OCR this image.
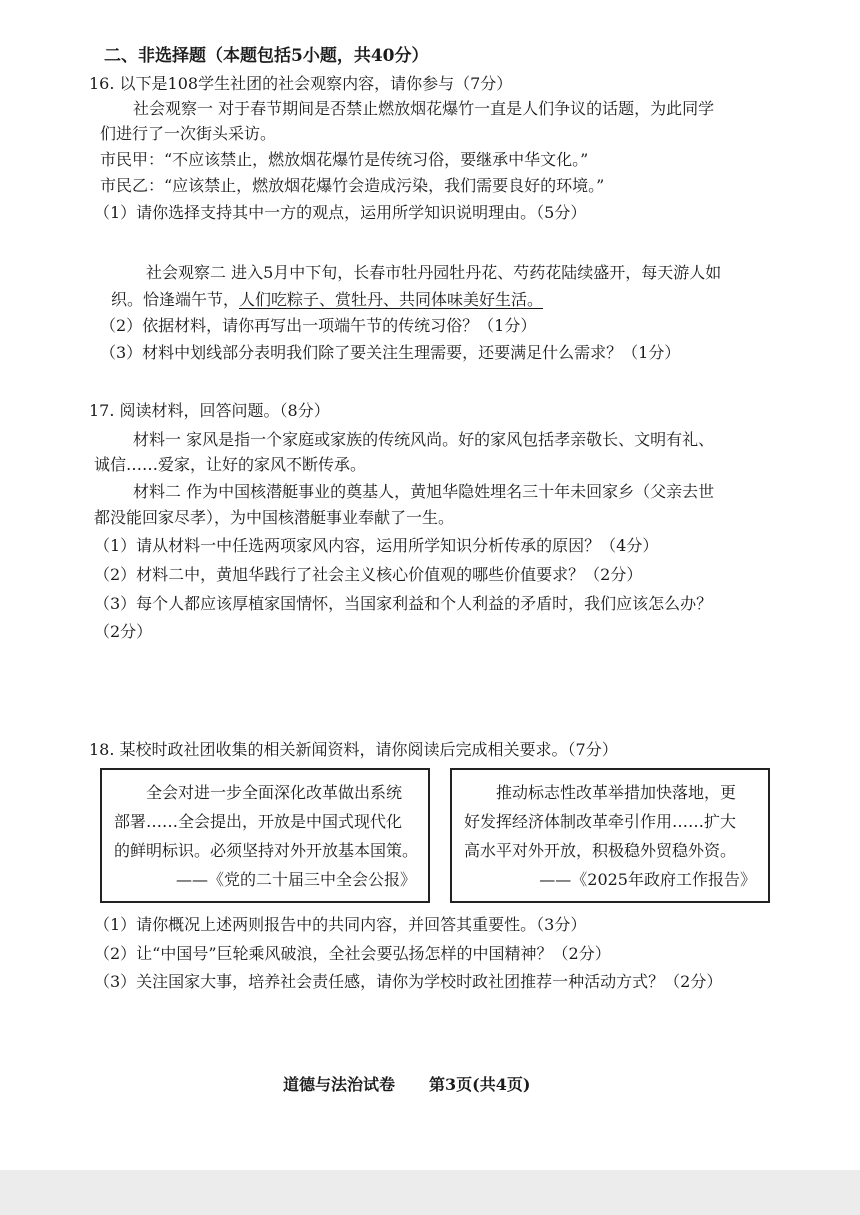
二、非选择题（本题包括5小题，共40分）
16. 以下是108学生社团的社会观察内容，请你参与（7分）
社会观察一 对于春节期间是否禁止燃放烟花爆竹一直是人们争议的话题，为此同学
们进行了一次街头采访。
市民甲：“不应该禁止，燃放烟花爆竹是传统习俗，要继承中华文化。”
市民乙：“应该禁止，燃放烟花爆竹会造成污染，我们需要良好的环境。”
（1）请你选择支持其中一方的观点，运用所学知识说明理由。（5分）
社会观察二 进入5月中下旬，长春市牡丹园牡丹花、芍药花陆续盛开，每天游人如
织。恰逢端午节，人们吃粽子、赏牡丹、共同体味美好生活。
（2）依据材料，请你再写出一项端午节的传统习俗？（1分）
（3）材料中划线部分表明我们除了要关注生理需要，还要满足什么需求？（1分）
17. 阅读材料，回答问题。（8分）
材料一 家风是指一个家庭或家族的传统风尚。好的家风包括孝亲敬长、文明有礼、
诚信……爱家，让好的家风不断传承。
材料二 作为中国核潜艇事业的奠基人，黄旭华隐姓埋名三十年未回家乡（父亲去世
都没能回家尽孝），为中国核潜艇事业奉献了一生。
（1）请从材料一中任选两项家风内容，运用所学知识分析传承的原因？（4分）
（2）材料二中，黄旭华践行了社会主义核心价值观的哪些价值要求？（2分）
（3）每个人都应该厚植家国情怀，当国家利益和个人利益的矛盾时，我们应该怎么办？
（2分）
18. 某校时政社团收集的相关新闻资料，请你阅读后完成相关要求。（7分）
全会对进一步全面深化改革做出系统
部署……全会提出，开放是中国式现代化
的鲜明标识。必须坚持对外开放基本国策。
——《党的二十届三中全会公报》
推动标志性改革举措加快落地，更
好发挥经济体制改革牵引作用……扩大
高水平对外开放，积极稳外贸稳外资。
——《2025年政府工作报告》
（1）请你概况上述两则报告中的共同内容，并回答其重要性。（3分）
（2）让“中国号”巨轮乘风破浪，全社会要弘扬怎样的中国精神？（2分）
（3）关注国家大事，培养社会责任感，请你为学校时政社团推荐一种活动方式？（2分）
道德与法治试卷 第3页(共4页)
